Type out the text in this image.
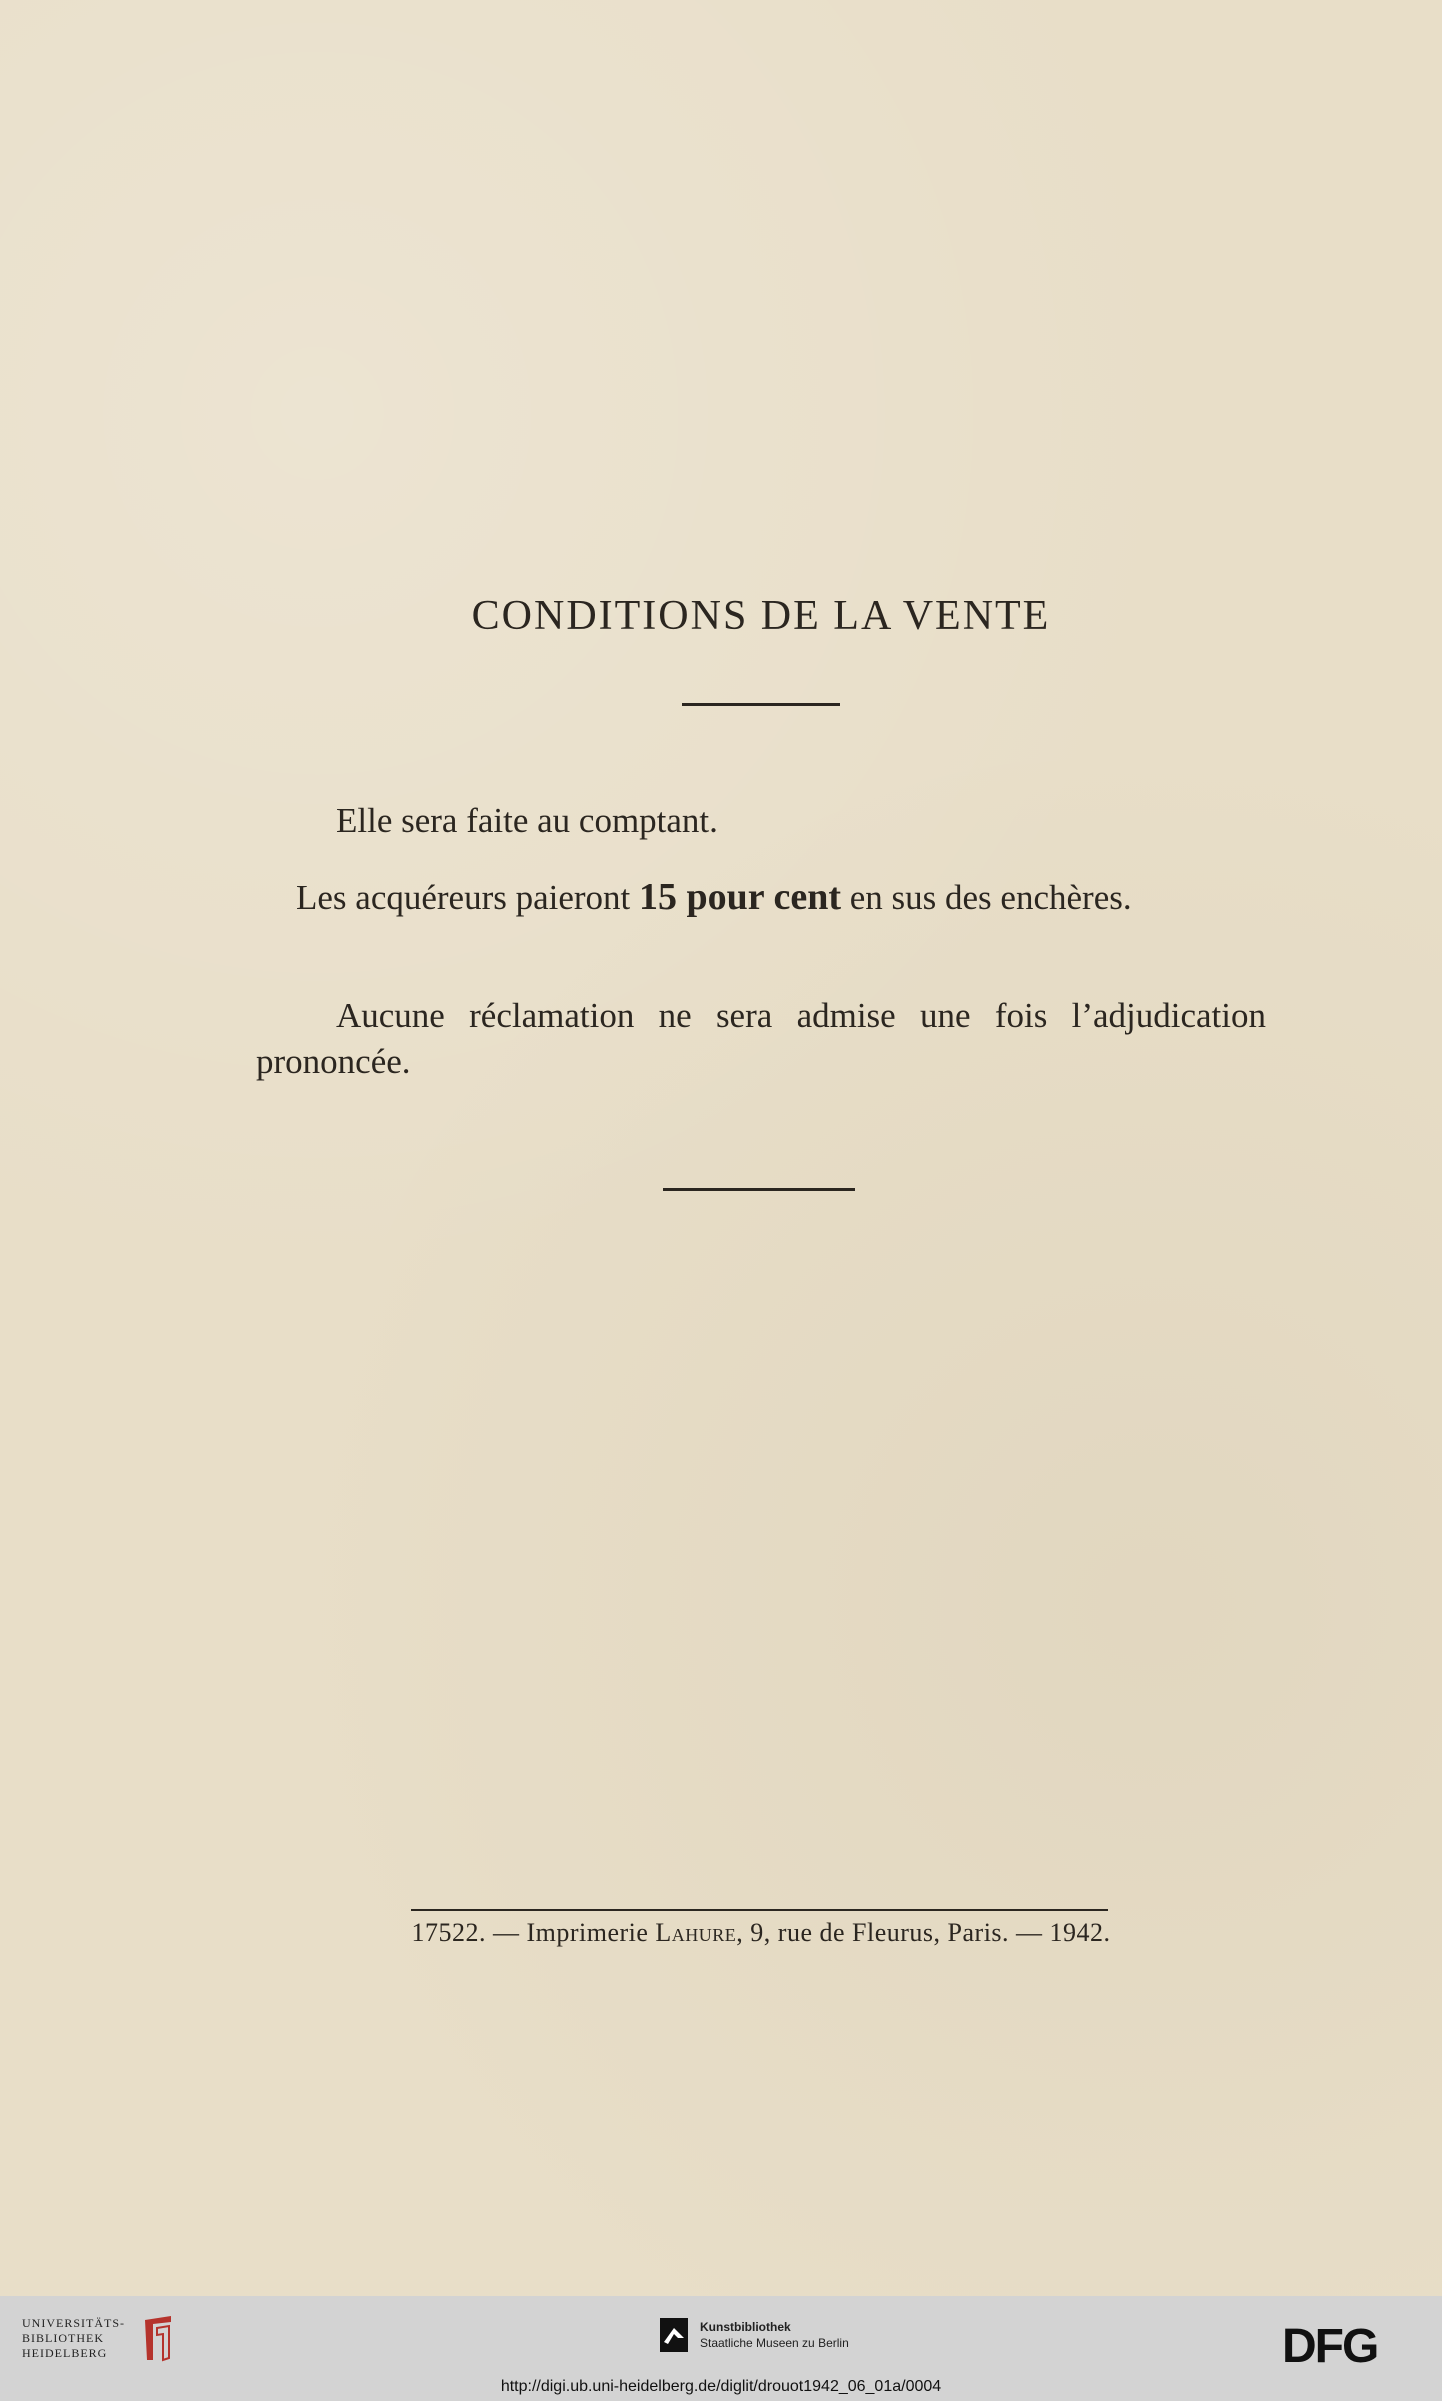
CONDITIONS DE LA VENTE
Elle sera faite au comptant.
Les acquéreurs paieront 15 pour cent en sus des enchères.
Aucune réclamation ne sera admise une fois l’adjudication prononcée.
17522. — Imprimerie Lahure, 9, rue de Fleurus, Paris. — 1942.
UNIVERSITÄTS-
BIBLIOTHEK
HEIDELBERG
Kunstbibliothek
Staatliche Museen zu Berlin	DFG
http://digi.ub.uni-heidelberg.de/diglit/drouot1942_06_01a/0004
